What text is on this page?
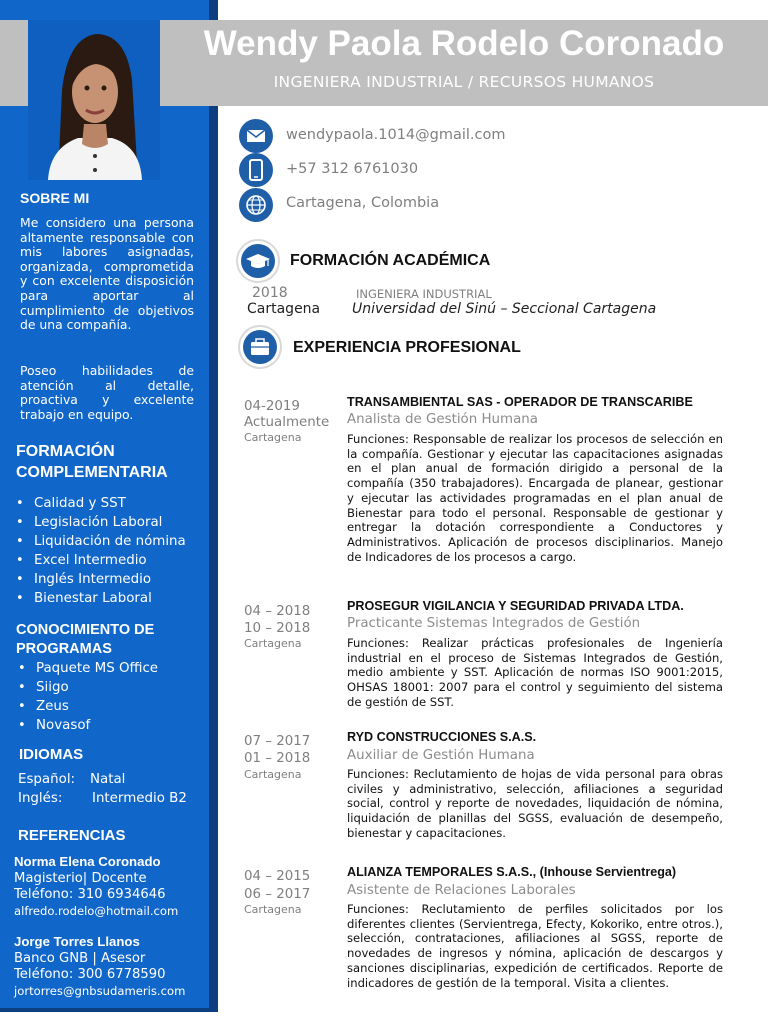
Wendy Paola Rodelo Coronado
INGENIERA INDUSTRIAL / RECURSOS HUMANOS
wendypaola.1014@gmail.com
+57 312 6761030
Cartagena, Colombia
FORMACIÓN ACADÉMICA
2018
Cartagena
INGENIERA INDUSTRIAL
Universidad del Sinú – Seccional Cartagena
EXPERIENCIA PROFESIONAL
04-2019
Actualmente
Cartagena
TRANSAMBIENTAL SAS - OPERADOR DE TRANSCARIBE
Analista de Gestión Humana
Funciones: Responsable de realizar los procesos de selección en la compañía. Gestionar y ejecutar las capacitaciones asignadas en el plan anual de formación dirigido a personal de la compañía (350 trabajadores). Encargada de planear, gestionar y ejecutar las actividades programadas en el plan anual de Bienestar para todo el personal. Responsable de gestionar y entregar la dotación correspondiente a Conductores y Administrativos. Aplicación de procesos disciplinarios. Manejo de Indicadores de los procesos a cargo.
04 – 2018
10 – 2018
Cartagena
PROSEGUR VIGILANCIA Y SEGURIDAD PRIVADA LTDA.
Practicante Sistemas Integrados de Gestión
Funciones: Realizar prácticas profesionales de Ingeniería industrial en el proceso de Sistemas Integrados de Gestión, medio ambiente y SST. Aplicación de normas ISO 9001:2015, OHSAS 18001: 2007 para el control y seguimiento del sistema de gestión de SST.
07 – 2017
01 – 2018
Cartagena
RYD CONSTRUCCIONES S.A.S.
Auxiliar de Gestión Humana
Funciones: Reclutamiento de hojas de vida personal para obras civiles y administrativo, selección, afiliaciones a seguridad social, control y reporte de novedades, liquidación de nómina, liquidación de planillas del SGSS, evaluación de desempeño, bienestar y capacitaciones.
04 – 2015
06 – 2017
Cartagena
ALIANZA TEMPORALES S.A.S., (Inhouse Servientrega)
Asistente de Relaciones Laborales
Funciones: Reclutamiento de perfiles solicitados por los diferentes clientes (Servientrega, Efecty, Kokoriko, entre otros.), selección, contrataciones, afiliaciones al SGSS, reporte de novedades de ingresos y nómina, aplicación de descargos y sanciones disciplinarias, expedición de certificados. Reporte de indicadores de gestión de la temporal. Visita a clientes.
SOBRE MI
Me considero una persona altamente responsable con mis labores asignadas, organizada, comprometida y con excelente disposición para aportar al cumplimiento de objetivos de una compañía.
Poseo habilidades de atención al detalle, proactiva y excelente trabajo en equipo.
FORMACIÓN
COMPLEMENTARIA
• Calidad y SST
• Legislación Laboral
• Liquidación de nómina
• Excel Intermedio
• Inglés Intermedio
• Bienestar Laboral
CONOCIMIENTO DE
PROGRAMAS
• Paquete MS Office
• Siigo
• Zeus
• Novasof
IDIOMAS
Español: Natal
Inglés: Intermedio B2
REFERENCIAS
Norma Elena Coronado
Magisterio| Docente
Teléfono: 310 6934646
alfredo.rodelo@hotmail.com
Jorge Torres Llanos
Banco GNB | Asesor
Teléfono: 300 6778590
jortorres@gnbsudameris.com
